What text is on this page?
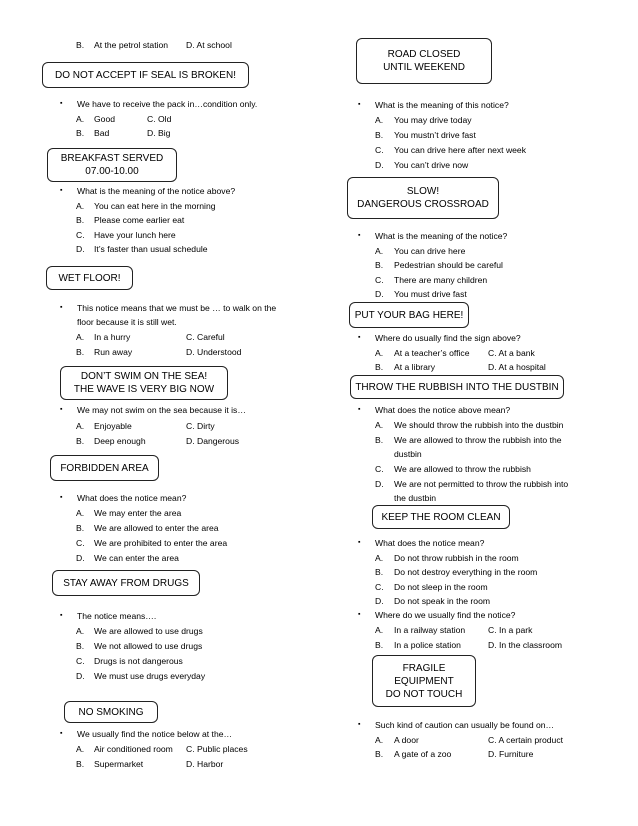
B. At the petrol station D. At school
DO NOT ACCEPT IF SEAL IS BROKEN!
▪ We have to receive the pack in…condition only.
A. Good	C. Old
B. Bad	D. Big
BREAKFAST SERVED
07.00-10.00
▪ What is the meaning of the notice above?
A. You can eat here in the morning
B. Please come earlier eat
C. Have your lunch here
D. It’s faster than usual schedule
WET FLOOR!
▪ This notice means that we must be … to walk on the
floor because it is still wet.
A. In a hurry	C. Careful
B. Run away	D. Understood
DON’T SWIM ON THE SEA!
THE WAVE IS VERY BIG NOW
▪ We may not swim on the sea because it is…
A. Enjoyable	C. Dirty
B. Deep enough	D. Dangerous
FORBIDDEN AREA
▪ What does the notice mean?
A. We may enter the area
B. We are allowed to enter the area
C. We are prohibited to enter the area
D. We can enter the area
STAY AWAY FROM DRUGS
▪ The notice means….
A. We are allowed to use drugs
B. We not allowed to use drugs
C. Drugs is not dangerous
D. We must use drugs everyday
NO SMOKING
▪ We usually find the notice below at the…
A. Air conditioned room C. Public places
B. Supermarket	D. Harbor
ROAD CLOSED
UNTIL WEEKEND
▪ What is the meaning of this notice?
A. You may drive today
B. You mustn’t drive fast
C. You can drive here after next week
D. You can’t drive now
SLOW!
DANGEROUS CROSSROAD
▪ What is the meaning of the notice?
A. You can drive here
B. Pedestrian should be careful
C. There are many children
D. You must drive fast
PUT YOUR BAG HERE!
▪ Where do usually find the sign above?
A. At a teacher’s office C. At a bank
B. At a library	D. At a hospital
THROW THE RUBBISH INTO THE DUSTBIN
▪ What does the notice above mean?
A. We should throw the rubbish into the dustbin
B. We are allowed to throw the rubbish into the
dustbin
C. We are allowed to throw the rubbish
D. We are not permitted to throw the rubbish into
the dustbin
KEEP THE ROOM CLEAN
▪ What does the notice mean?
A. Do not throw rubbish in the room
B. Do not destroy everything in the room
C. Do not sleep in the room
D. Do not speak in the room
▪ Where do we usually find the notice?
A. In a railway station	C. In a park
B. In a police station	D. In the classroom
FRAGILE
EQUIPMENT
DO NOT TOUCH
▪ Such kind of caution can usually be found on…
A. A door	C. A certain product
B. A gate of a zoo	D. Furniture
